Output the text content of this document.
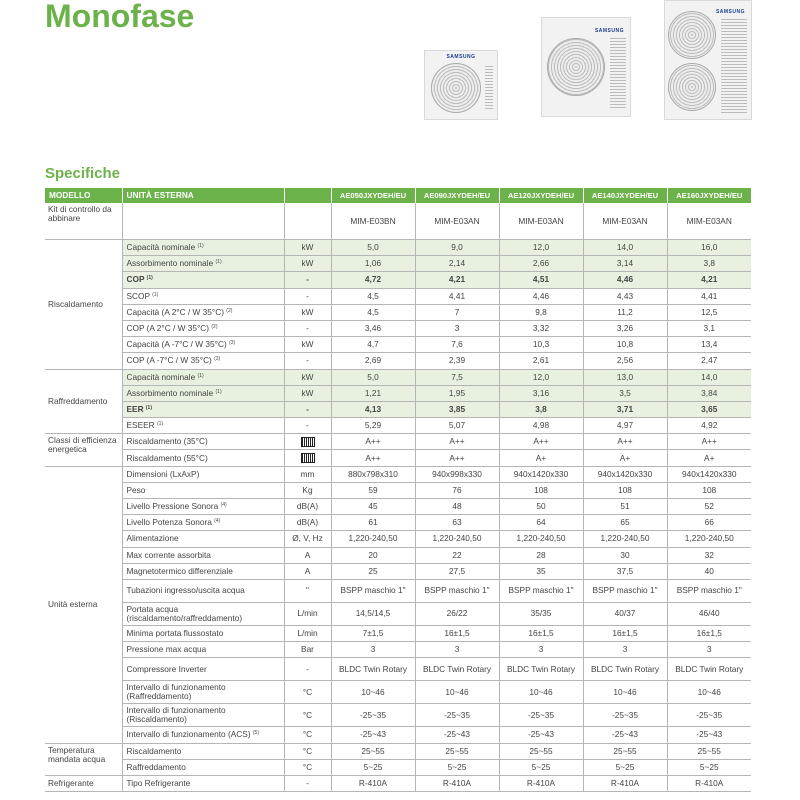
Monofase
SAMSUNG
SAMSUNG
SAMSUNG
Specifiche
MODELLO	UNITÀ ESTERNA		AE050JXYDEH/EU	AE090JXYDEH/EU	AE120JXYDEH/EU	AE140JXYDEH/EU	AE160JXYDEH/EU
Kit di controllo da abbinare			MIM-E03BN	MIM-E03AN	MIM-E03AN	MIM-E03AN	MIM-E03AN
Riscaldamento	Capacità nominale $^{(1)}$	kW	5,0	9,0	12,0	14,0	16,0
	Assorbimento nominale $^{(1)}$	kW	1,06	2,14	2,66	3,14	3,8
	COP $^{(1)}$	-	4,72	4,21	4,51	4,46	4,21
	SCOP $^{(1)}$	-	4,5	4,41	4,46	4,43	4,41
	Capacità (A 2°C / W 35°C) $^{(2)}$	kW	4,5	7	9,8	11,2	12,5
	COP (A 2°C / W 35°C) $^{(2)}$	-	3,46	3	3,32	3,26	3,1
	Capacità (A -7°C / W 35°C) $^{(3)}$	kW	4,7	7,6	10,3	10,8	13,4
	COP (A -7°C / W 35°C) $^{(3)}$	-	2,69	2,39	2,61	2,56	2,47
Raffreddamento	Capacità nominale $^{(1)}$	kW	5,0	7,5	12,0	13,0	14,0
	Assorbimento nominale $^{(1)}$	kW	1,21	1,95	3,16	3,5	3,84
	EER $^{(1)}$	-	4,13	3,85	3,8	3,71	3,65
	ESEER $^{(1)}$	-	5,29	5,07	4,98	4,97	4,92
Classi di efficienza energetica	Riscaldamento (35°C)		A++	A++	A++	A++	A++
	Riscaldamento (55°C)		A++	A++	A+	A+	A+
Unità esterna	Dimensioni (LxAxP)	mm	880x798x310	940x998x330	940x1420x330	940x1420x330	940x1420x330
	Peso	Kg	59	76	108	108	108
	Livello Pressione Sonora $^{(4)}$	dB(A)	45	48	50	51	52
	Livello Potenza Sonora $^{(4)}$	dB(A)	61	63	64	65	66
	Alimentazione	Ø, V, Hz	1,220-240,50	1,220-240,50	1,220-240,50	1,220-240,50	1,220-240,50
	Max corrente assorbita	A	20	22	28	30	32
	Magnetotermico differenziale	A	25	27,5	35	37,5	40
	Tubazioni ingresso/uscita acqua	"	BSPP maschio 1"	BSPP maschio 1"	BSPP maschio 1"	BSPP maschio 1"	BSPP maschio 1"
	Portata acqua (riscaldamento/raffreddamento)	L/min	14,5/14,5	26/22	35/35	40/37	46/40
	Minima portata flussostato	L/min	7±1,5	16±1,5	16±1,5	16±1,5	16±1,5
	Pressione max acqua	Bar	3	3	3	3	3
	Compressore Inverter	-	BLDC Twin Rotary	BLDC Twin Rotary	BLDC Twin Rotary	BLDC Twin Rotary	BLDC Twin Rotary
	Intervallo di funzionamento (Raffreddamento)	°C	10~46	10~46	10~46	10~46	10~46
	Intervallo di funzionamento (Riscaldamento)	°C	-25~35	-25~35	-25~35	-25~35	-25~35
	Intervallo di funzionamento (ACS) $^{(5)}$	°C	-25~43	-25~43	-25~43	-25~43	-25~43
Temperatura mandata acqua	Riscaldamento	°C	25~55	25~55	25~55	25~55	25~55
	Raffreddamento	°C	5~25	5~25	5~25	5~25	5~25
Refrigerante	Tipo Refrigerante	-	R-410A	R-410A	R-410A	R-410A	R-410A
